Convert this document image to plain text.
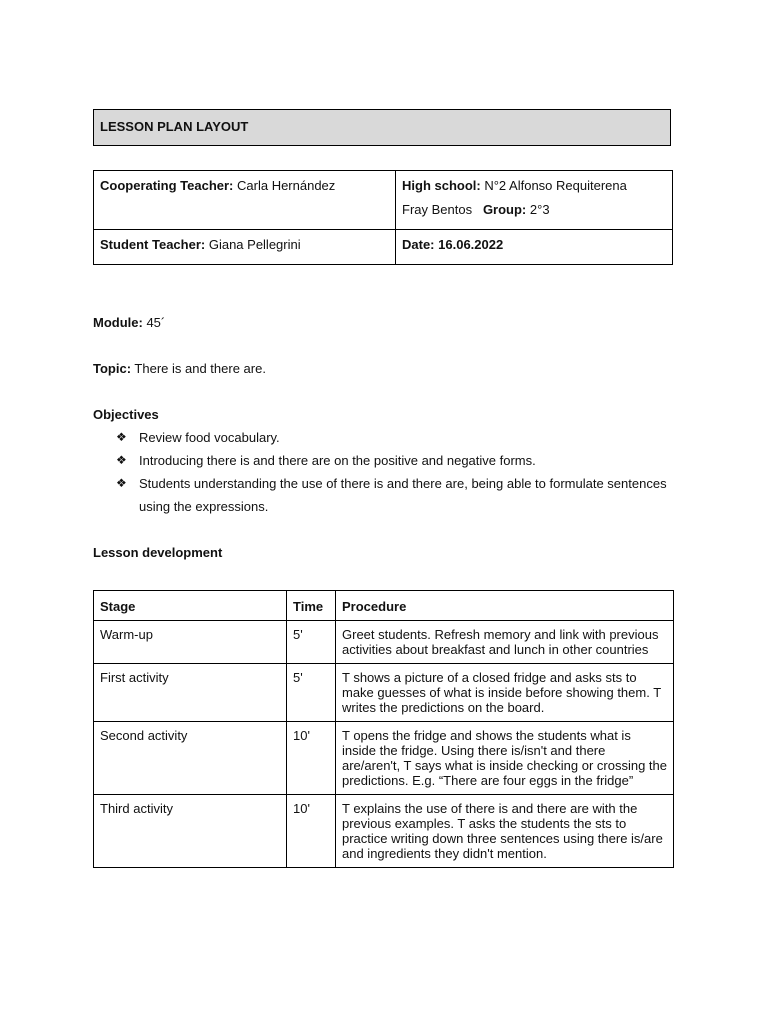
LESSON PLAN LAYOUT
Cooperating Teacher: Carla Hernández	High school: N°2 Alfonso Requiterena
Fray Bentos Group: 2°3
Student Teacher: Giana Pellegrini	Date: 16.06.2022
Module: 45´
Topic: There is and there are.
Objectives
❖ Review food vocabulary.
❖ Introducing there is and there are on the positive and negative forms.
❖ Students understanding the use of there is and there are, being able to formulate sentences using the expressions.
Lesson development
Stage	Time	Procedure
Warm-up	5'	Greet students. Refresh memory and link with previous activities about breakfast and lunch in other countries
First activity	5'	T shows a picture of a closed fridge and asks sts to make guesses of what is inside before showing them. T writes the predictions on the board.
Second activity	10'	T opens the fridge and shows the students what is inside the fridge. Using there is/isn't and there are/aren't, T says what is inside checking or crossing the predictions. E.g. “There are four eggs in the fridge”
Third activity	10'	T explains the use of there is and there are with the previous examples. T asks the students the sts to practice writing down three sentences using there is/are and ingredients they didn't mention.
